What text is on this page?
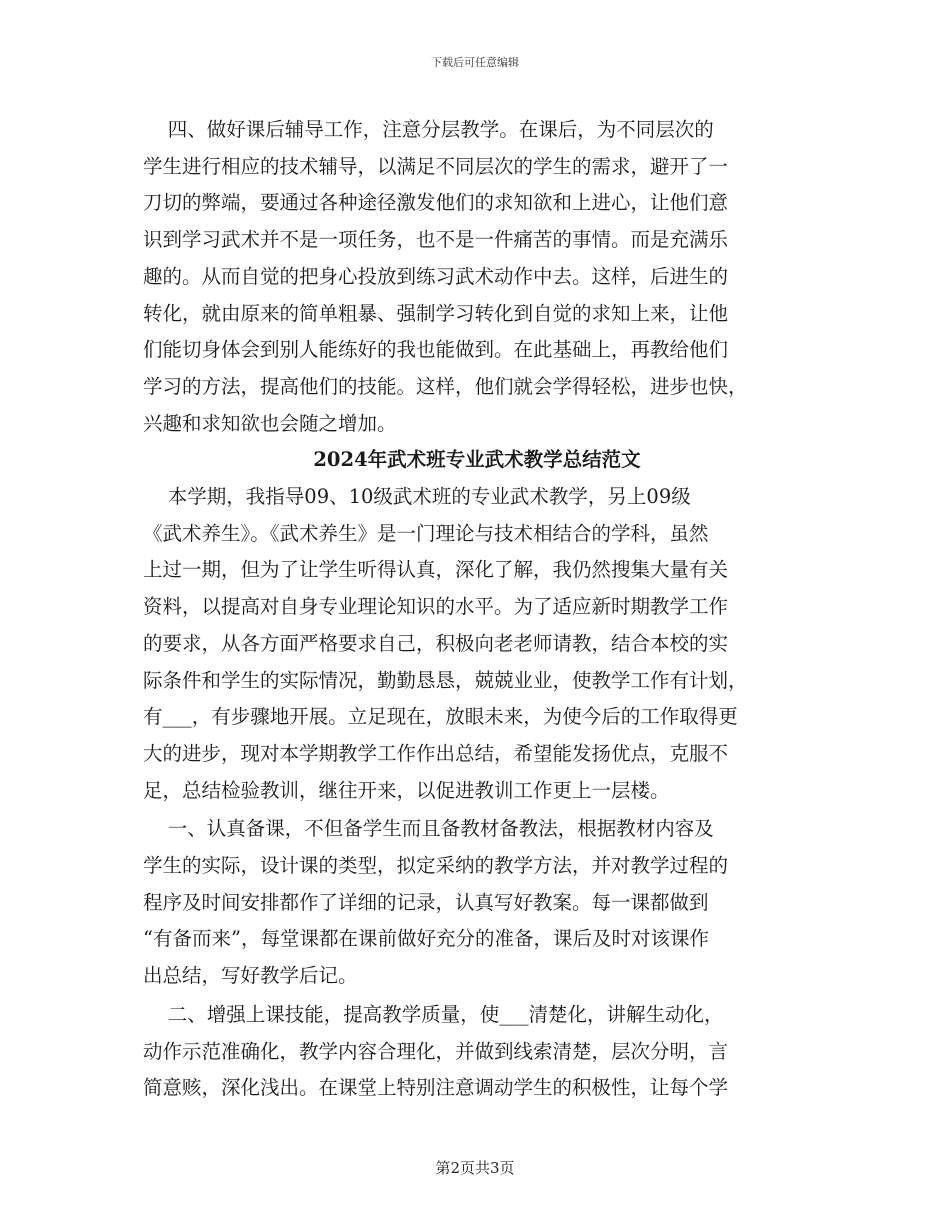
下载后可任意编辑

四、做好课后辅导工作，注意分层教学。在课后，为不同层次的
学生进行相应的技术辅导，以满足不同层次的学生的需求，避开了一
刀切的弊端，要通过各种途径激发他们的求知欲和上进心，让他们意
识到学习武术并不是一项任务，也不是一件痛苦的事情。而是充满乐
趣的。从而自觉的把身心投放到练习武术动作中去。这样，后进生的
转化，就由原来的简单粗暴、强制学习转化到自觉的求知上来，让他
们能切身体会到别人能练好的我也能做到。在此基础上，再教给他们
学习的方法，提高他们的技能。这样，他们就会学得轻松，进步也快，
兴趣和求知欲也会随之增加。

2024年武术班专业武术教学总结范文

本学期，我指导09、10级武术班的专业武术教学，另上09级
《武术养生》。《武术养生》是一门理论与技术相结合的学科，虽然
上过一期，但为了让学生听得认真，深化了解，我仍然搜集大量有关
资料，以提高对自身专业理论知识的水平。为了适应新时期教学工作
的要求，从各方面严格要求自己，积极向老老师请教，结合本校的实
际条件和学生的实际情况，勤勤恳恳，兢兢业业，使教学工作有计划，
有___，有步骤地开展。立足现在，放眼未来，为使今后的工作取得更
大的进步，现对本学期教学工作作出总结，希望能发扬优点，克服不
足，总结检验教训，继往开来，以促进教训工作更上一层楼。

一、认真备课，不但备学生而且备教材备教法，根据教材内容及
学生的实际，设计课的类型，拟定采纳的教学方法，并对教学过程的
程序及时间安排都作了详细的记录，认真写好教案。每一课都做到
“有备而来”，每堂课都在课前做好充分的准备，课后及时对该课作
出总结，写好教学后记。

二、增强上课技能，提高教学质量，使___清楚化，讲解生动化，
动作示范准确化，教学内容合理化，并做到线索清楚，层次分明，言
简意赅，深化浅出。在课堂上特别注意调动学生的积极性，让每个学

第2页共3页
